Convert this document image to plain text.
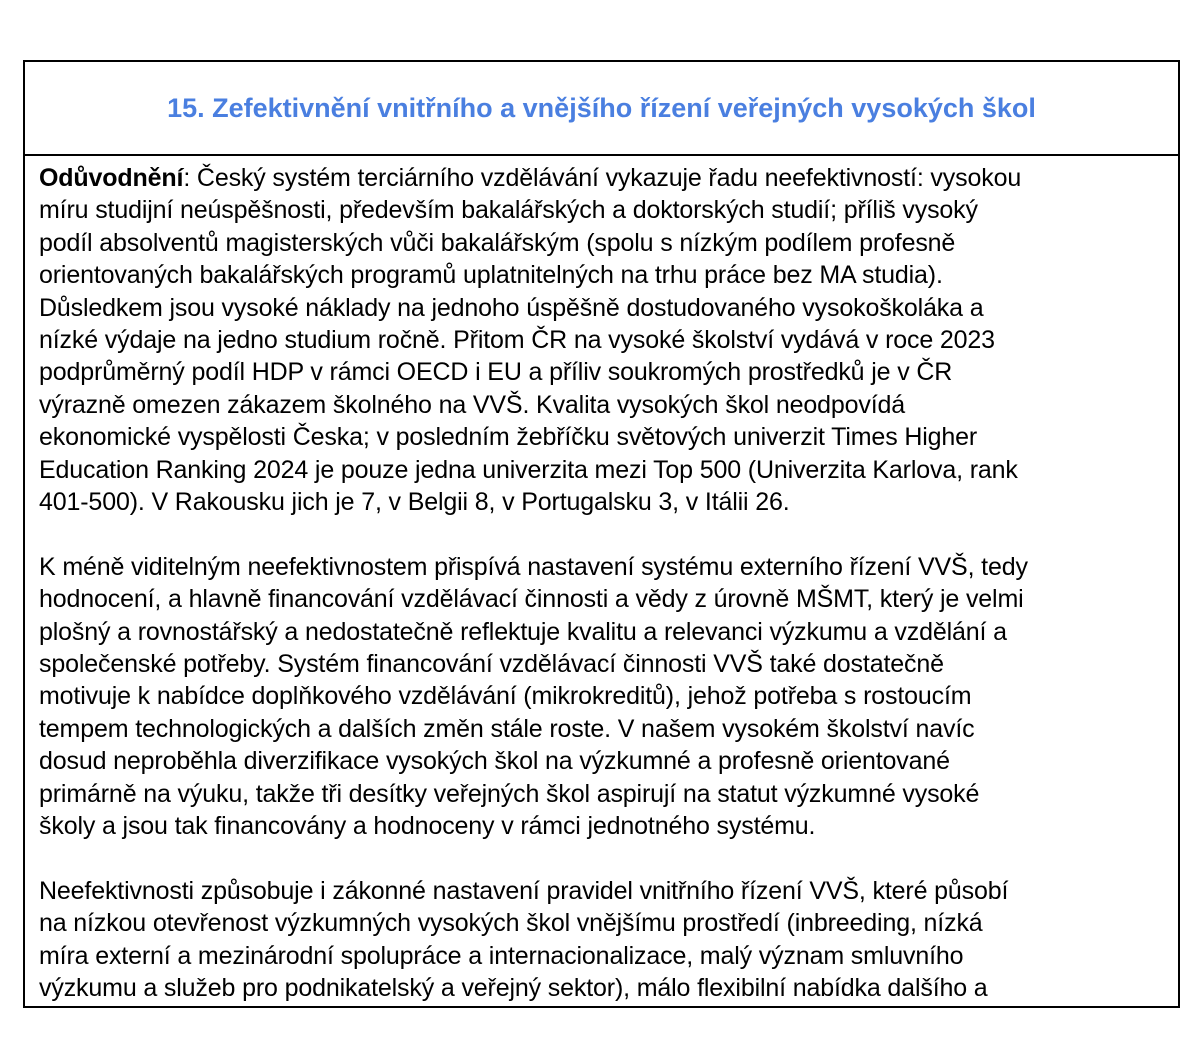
15. Zefektivnění vnitřního a vnějšího řízení veřejných vysokých škol

Odůvodnění: Český systém terciárního vzdělávání vykazuje řadu neefektivností: vysokou
míru studijní neúspěšnosti, především bakalářských a doktorských studií; příliš vysoký
podíl absolventů magisterských vůči bakalářským (spolu s nízkým podílem profesně
orientovaných bakalářských programů uplatnitelných na trhu práce bez MA studia).
Důsledkem jsou vysoké náklady na jednoho úspěšně dostudovaného vysokoškoláka a
nízké výdaje na jedno studium ročně. Přitom ČR na vysoké školství vydává v roce 2023
podprůměrný podíl HDP v rámci OECD i EU a příliv soukromých prostředků je v ČR
výrazně omezen zákazem školného na VVŠ. Kvalita vysokých škol neodpovídá
ekonomické vyspělosti Česka; v posledním žebříčku světových univerzit Times Higher
Education Ranking 2024 je pouze jedna univerzita mezi Top 500 (Univerzita Karlova, rank
401-500). V Rakousku jich je 7, v Belgii 8, v Portugalsku 3, v Itálii 26.

K méně viditelným neefektivnostem přispívá nastavení systému externího řízení VVŠ, tedy
hodnocení, a hlavně financování vzdělávací činnosti a vědy z úrovně MŠMT, který je velmi
plošný a rovnostářský a nedostatečně reflektuje kvalitu a relevanci výzkumu a vzdělání a
společenské potřeby. Systém financování vzdělávací činnosti VVŠ také dostatečně
motivuje k nabídce doplňkového vzdělávání (mikrokreditů), jehož potřeba s rostoucím
tempem technologických a dalších změn stále roste. V našem vysokém školství navíc
dosud neproběhla diverzifikace vysokých škol na výzkumné a profesně orientované
primárně na výuku, takže tři desítky veřejných škol aspirují na statut výzkumné vysoké
školy a jsou tak financovány a hodnoceny v rámci jednotného systému.

Neefektivnosti způsobuje i zákonné nastavení pravidel vnitřního řízení VVŠ, které působí
na nízkou otevřenost výzkumných vysokých škol vnějšímu prostředí (inbreeding, nízká
míra externí a mezinárodní spolupráce a internacionalizace, malý význam smluvního
výzkumu a služeb pro podnikatelský a veřejný sektor), málo flexibilní nabídka dalšího a
